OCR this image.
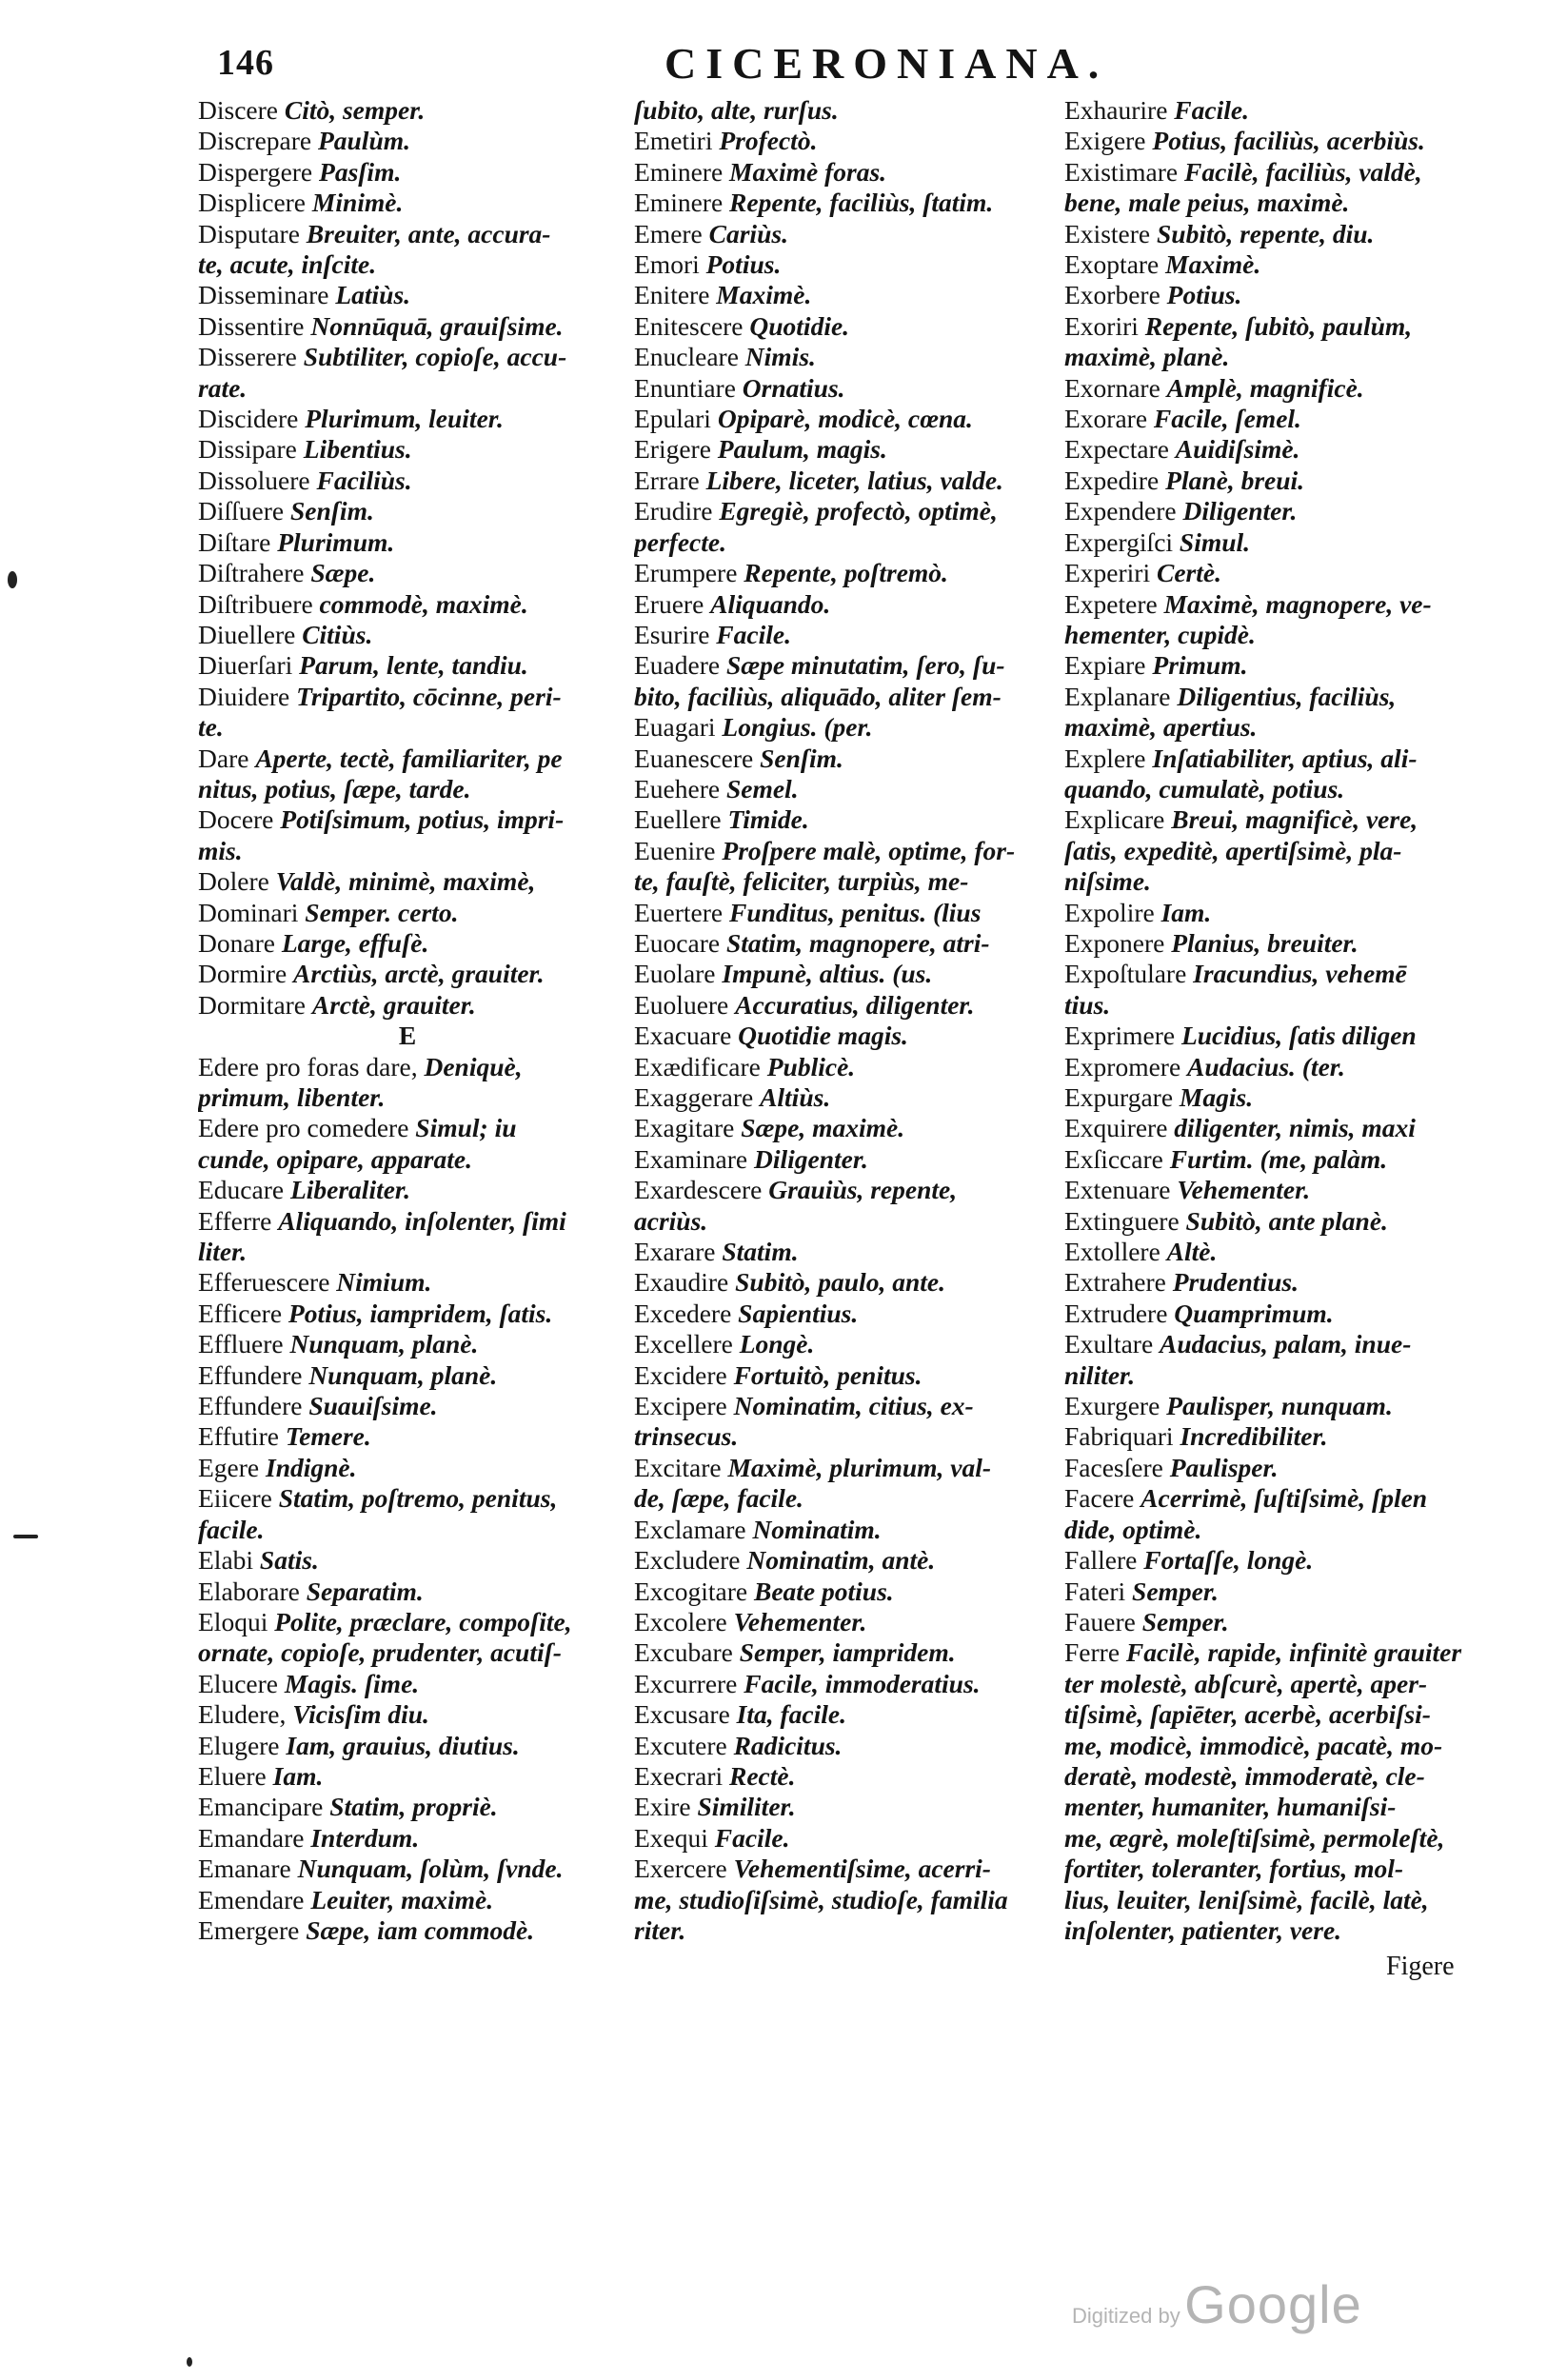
146	CICERONIANA.
Discere Citò, semper.
Discrepare Paulùm.
Dispergere Pasſim.
Displicere Minimè.
Disputare Breuiter, ante, accura-
te, acute, inſcite.
Disseminare Latiùs.
Dissentire Nonnūquā, grauiſsime.
Disserere Subtiliter, copioſe, accu-
rate.
Discidere Plurimum, leuiter.
Dissipare Libentius.
Dissoluere Faciliùs.
Diſſuere Senſim.
Diſtare Plurimum.
Diſtrahere Sæpe.
Diſtribuere commodè, maximè.
Diuellere Citiùs.
Diuerſari Parum, lente, tandiu.
Diuidere Tripartito, cōcinne, peri-
te.
Dare Aperte, tectè, familiariter, pe
nitus, potius, ſæpe, tarde.
Docere Potiſsimum, potius, impri-
mis.
Dolere Valdè, minimè, maximè,
Dominari Semper. certo.
Donare Large, effuſè.
Dormire Arctiùs, arctè, grauiter.
Dormitare Arctè, grauiter.
E
Edere pro foras dare, Deniquè,
primum, libenter.
Edere pro comedere Simul; iu
cunde, opipare, apparate.
Educare Liberaliter.
Efferre Aliquando, inſolenter, ſimi
liter.
Efferuescere Nimium.
Efficere Potius, iampridem, ſatis.
Effluere Nunquam, planè.
Effundere Nunquam, planè.
Effundere Suauiſsime.
Effutire Temere.
Egere Indignè.
Eiicere Statim, poſtremo, penitus,
facile.
Elabi Satis.
Elaborare Separatim.
Eloqui Polite, præclare, compoſite,
ornate, copioſe, prudenter, acutiſ-
Elucere Magis. ſime.
Eludere, Vicisſim diu.
Elugere Iam, grauius, diutius.
Eluere Iam.
Emancipare Statim, propriè.
Emandare Interdum.
Emanare Nunquam, ſolùm, ſvnde.
Emendare Leuiter, maximè.
Emergere Sæpe, iam commodè.
ſubito, alte, rurſus.
Emetiri Profectò.
Eminere Maximè foras.
Eminere Repente, faciliùs, ſtatim.
Emere Cariùs.
Emori Potius.
Enitere Maximè.
Enitescere Quotidie.
Enucleare Nimis.
Enuntiare Ornatius.
Epulari Opiparè, modicè, cœna.
Erigere Paulum, magis.
Errare Libere, liceter, latius, valde.
Erudire Egregiè, profectò, optimè,
perfecte.
Erumpere Repente, poſtremò.
Eruere Aliquando.
Esurire Facile.
Euadere Sæpe minutatim, ſero, ſu-
bito, faciliùs, aliquādo, aliter ſem-
Euagari Longius. (per.
Euanescere Senſim.
Euehere Semel.
Euellere Timide.
Euenire Proſpere malè, optime, for-
te, fauſtè, feliciter, turpiùs, me-
Euertere Funditus, penitus. (lius
Euocare Statim, magnopere, atri-
Euolare Impunè, altius. (us.
Euoluere Accuratius, diligenter.
Exacuare Quotidie magis.
Exædificare Publicè.
Exaggerare Altiùs.
Exagitare Sæpe, maximè.
Examinare Diligenter.
Exardescere Grauiùs, repente,
acriùs.
Exarare Statim.
Exaudire Subitò, paulo, ante.
Excedere Sapientius.
Excellere Longè.
Excidere Fortuitò, penitus.
Excipere Nominatim, citius, ex-
trinsecus.
Excitare Maximè, plurimum, val-
de, ſæpe, facile.
Exclamare Nominatim.
Excludere Nominatim, antè.
Excogitare Beate potius.
Excolere Vehementer.
Excubare Semper, iampridem.
Excurrere Facile, immoderatius.
Excusare Ita, facile.
Excutere Radicitus.
Execrari Rectè.
Exire Similiter.
Exequi Facile.
Exercere Vehementiſsime, acerri-
me, studioſiſsimè, studioſe, familia
riter.
Exhaurire Facile.
Exigere Potius, faciliùs, acerbiùs.
Existimare Facilè, faciliùs, valdè,
bene, male peius, maximè.
Existere Subitò, repente, diu.
Exoptare Maximè.
Exorbere Potius.
Exoriri Repente, ſubitò, paulùm,
maximè, planè.
Exornare Amplè, magnificè.
Exorare Facile, ſemel.
Expectare Auidiſsimè.
Expedire Planè, breui.
Expendere Diligenter.
Expergiſci Simul.
Experiri Certè.
Expetere Maximè, magnopere, ve-
hementer, cupidè.
Expiare Primum.
Explanare Diligentius, faciliùs,
maximè, apertius.
Explere Inſatiabiliter, aptius, ali-
quando, cumulatè, potius.
Explicare Breui, magnificè, vere,
ſatis, expeditè, apertiſsimè, pla-
niſsime.
Expolire Iam.
Exponere Planius, breuiter.
Expoſtulare Iracundius, vehemē
tius.
Exprimere Lucidius, ſatis diligen
Expromere Audacius. (ter.
Expurgare Magis.
Exquirere diligenter, nimis, maxi
Exſiccare Furtim. (me, palàm.
Extenuare Vehementer.
Extinguere Subitò, ante planè.
Extollere Altè.
Extrahere Prudentius.
Extrudere Quamprimum.
Exultare Audacius, palam, inue-
niliter.
Exurgere Paulisper, nunquam.
Fabriquari Incredibiliter.
Facesſere Paulisper.
Facere Acerrimè, ſuſtiſsimè, ſplen
dide, optimè.
Fallere Fortaſſe, longè.
Fateri Semper.
Fauere Semper.
Ferre Facilè, rapide, infinitè grauiter
ter molestè, abſcurè, apertè, aper-
tiſsimè, ſapiēter, acerbè, acerbiſsi-
me, modicè, immodicè, pacatè, mo-
deratè, modestè, immoderatè, cle-
menter, humaniter, humaniſsi-
me, ægrè, moleſtiſsimè, permoleſtè,
fortiter, toleranter, fortius, mol-
lius, leuiter, leniſsimè, facilè, latè,
inſolenter, patienter, vere.
Figere
Digitized by Google
